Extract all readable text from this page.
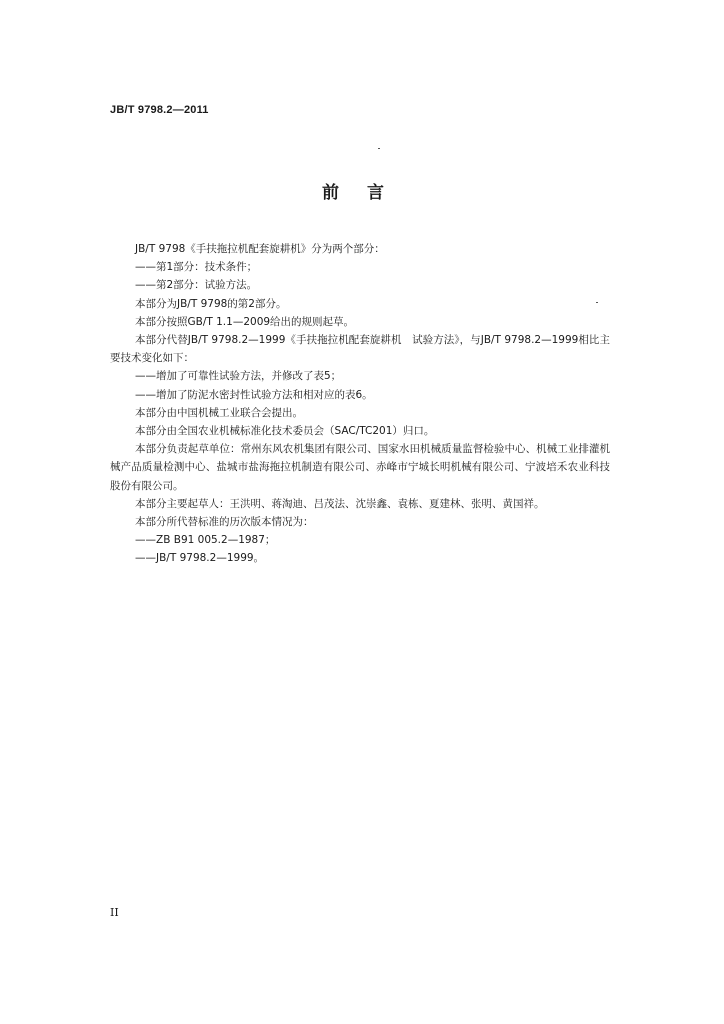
JB/T 9798.2—2011
前言

JB/T 9798《手扶拖拉机配套旋耕机》分为两个部分：

——第1部分：技术条件；

——第2部分：试验方法。

本部分为JB/T 9798的第2部分。

本部分按照GB/T 1.1—2009给出的规则起草。

本部分代替JB/T 9798.2—1999《手扶拖拉机配套旋耕机　试验方法》，与JB/T 9798.2—1999相比主要技术变化如下：

——增加了可靠性试验方法，并修改了表5；

——增加了防泥水密封性试验方法和相对应的表6。

本部分由中国机械工业联合会提出。

本部分由全国农业机械标准化技术委员会（SAC/TC201）归口。

本部分负责起草单位：常州东风农机集团有限公司、国家水田机械质量监督检验中心、机械工业排灌机械产品质量检测中心、盐城市盐海拖拉机制造有限公司、赤峰市宁城长明机械有限公司、宁波培禾农业科技股份有限公司。

本部分主要起草人：王洪明、蒋淘迪、吕茂法、沈崇鑫、袁栋、夏建林、张明、黄国祥。

本部分所代替标准的历次版本情况为：

——ZB B91 005.2—1987；

——JB/T 9798.2—1999。

II
